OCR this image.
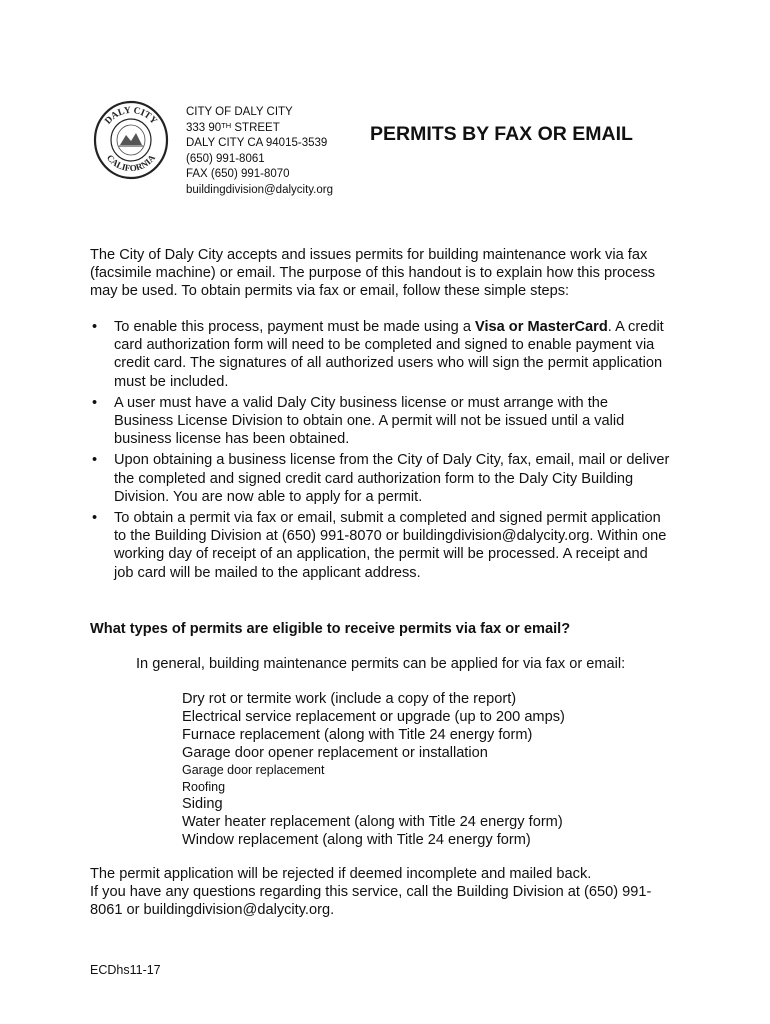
DALY CITY
CALIFORNIA
CITY OF DALY CITY
333 90TH STREET
DALY CITY CA 94015-3539
(650) 991-8061
FAX (650) 991-8070
buildingdivision@dalycity.org
PERMITS BY FAX OR EMAIL
The City of Daly City accepts and issues permits for building maintenance work via fax (facsimile machine) or email. The purpose of this handout is to explain how this process may be used. To obtain permits via fax or email, follow these simple steps:
• To enable this process, payment must be made using a Visa or MasterCard. A credit card authorization form will need to be completed and signed to enable payment via credit card. The signatures of all authorized users who will sign the permit application must be included.
• A user must have a valid Daly City business license or must arrange with the Business License Division to obtain one. A permit will not be issued until a valid business license has been obtained.
• Upon obtaining a business license from the City of Daly City, fax, email, mail or deliver the completed and signed credit card authorization form to the Daly City Building Division. You are now able to apply for a permit.
• To obtain a permit via fax or email, submit a completed and signed permit application to the Building Division at (650) 991-8070 or buildingdivision@dalycity.org. Within one working day of receipt of an application, the permit will be processed. A receipt and job card will be mailed to the applicant address.
What types of permits are eligible to receive permits via fax or email?
In general, building maintenance permits can be applied for via fax or email:
Dry rot or termite work (include a copy of the report)
Electrical service replacement or upgrade (up to 200 amps)
Furnace replacement (along with Title 24 energy form)
Garage door opener replacement or installation
Garage door replacement
Roofing
Siding
Water heater replacement (along with Title 24 energy form)
Window replacement (along with Title 24 energy form)
The permit application will be rejected if deemed incomplete and mailed back.
If you have any questions regarding this service, call the Building Division at (650) 991-8061 or buildingdivision@dalycity.org.
ECDhs11-17
